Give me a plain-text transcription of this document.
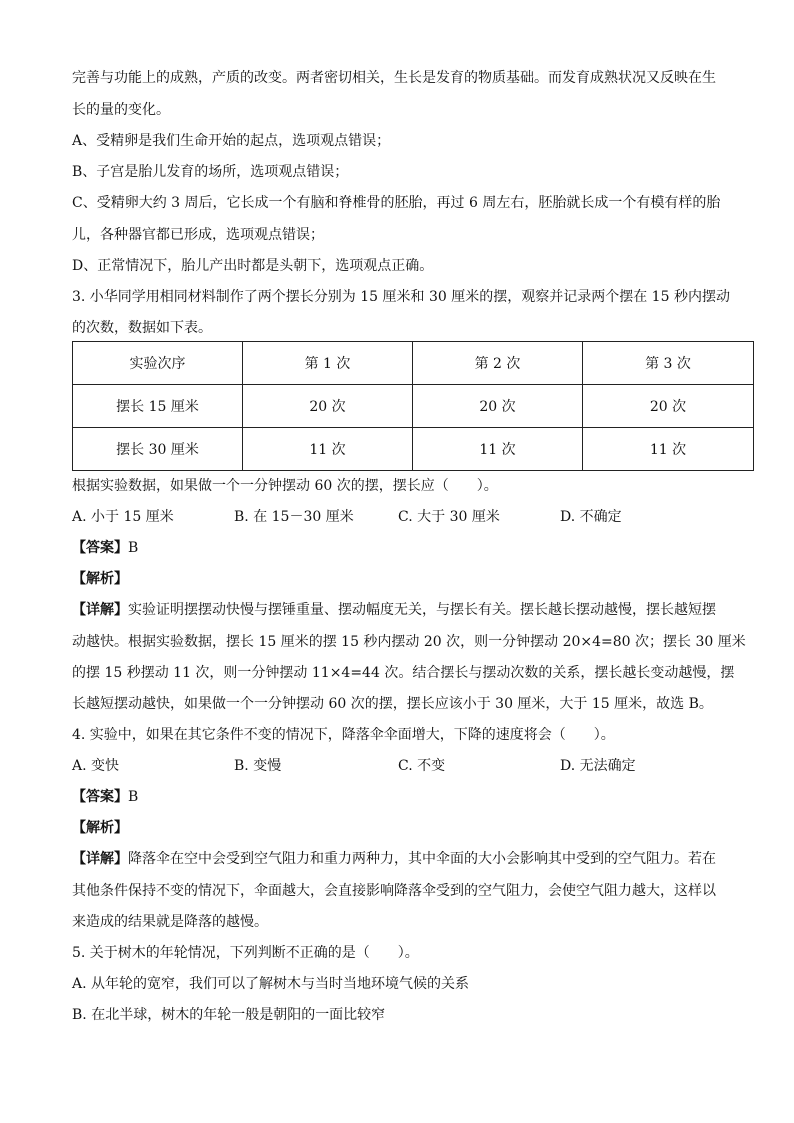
完善与功能上的成熟，产质的改变。两者密切相关，生长是发育的物质基础。而发育成熟状况又反映在生

长的量的变化。

A、受精卵是我们生命开始的起点，选项观点错误；

B、子宫是胎儿发育的场所，选项观点错误；

C、受精卵大约 3 周后，它长成一个有脑和脊椎骨的胚胎，再过 6 周左右，胚胎就长成一个有模有样的胎

儿，各种器官都已形成，选项观点错误；

D、正常情况下，胎儿产出时都是头朝下，选项观点正确。

3. 小华同学用相同材料制作了两个摆长分别为 15 厘米和 30 厘米的摆，观察并记录两个摆在 15 秒内摆动

的次数，数据如下表。

实验次序	第 1 次	第 2 次	第 3 次
摆长 15 厘米	20 次	20 次	20 次
摆长 30 厘米	11 次	11 次	11 次

根据实验数据，如果做一个一分钟摆动 60 次的摆，摆长应（　　）。

A. 小于 15 厘米	B. 在 15－30 厘米	C. 大于 30 厘米	D. 不确定

【答案】B

【解析】

【详解】实验证明摆摆动快慢与摆锤重量、摆动幅度无关，与摆长有关。摆长越长摆动越慢，摆长越短摆

动越快。根据实验数据，摆长 15 厘米的摆 15 秒内摆动 20 次，则一分钟摆动 20×4=80 次；摆长 30 厘米

的摆 15 秒摆动 11 次，则一分钟摆动 11×4=44 次。结合摆长与摆动次数的关系，摆长越长变动越慢，摆

长越短摆动越快，如果做一个一分钟摆动 60 次的摆，摆长应该小于 30 厘米，大于 15 厘米，故选 B。

4. 实验中，如果在其它条件不变的情况下，降落伞伞面增大，下降的速度将会（　　）。

A. 变快	B. 变慢	C. 不变	D. 无法确定

【答案】B

【解析】

【详解】降落伞在空中会受到空气阻力和重力两种力，其中伞面的大小会影响其中受到的空气阻力。若在

其他条件保持不变的情况下，伞面越大，会直接影响降落伞受到的空气阻力，会使空气阻力越大，这样以

来造成的结果就是降落的越慢。

5. 关于树木的年轮情况，下列判断不正确的是（　　）。

A. 从年轮的宽窄，我们可以了解树木与当时当地环境气候的关系

B. 在北半球，树木的年轮一般是朝阳的一面比较窄
